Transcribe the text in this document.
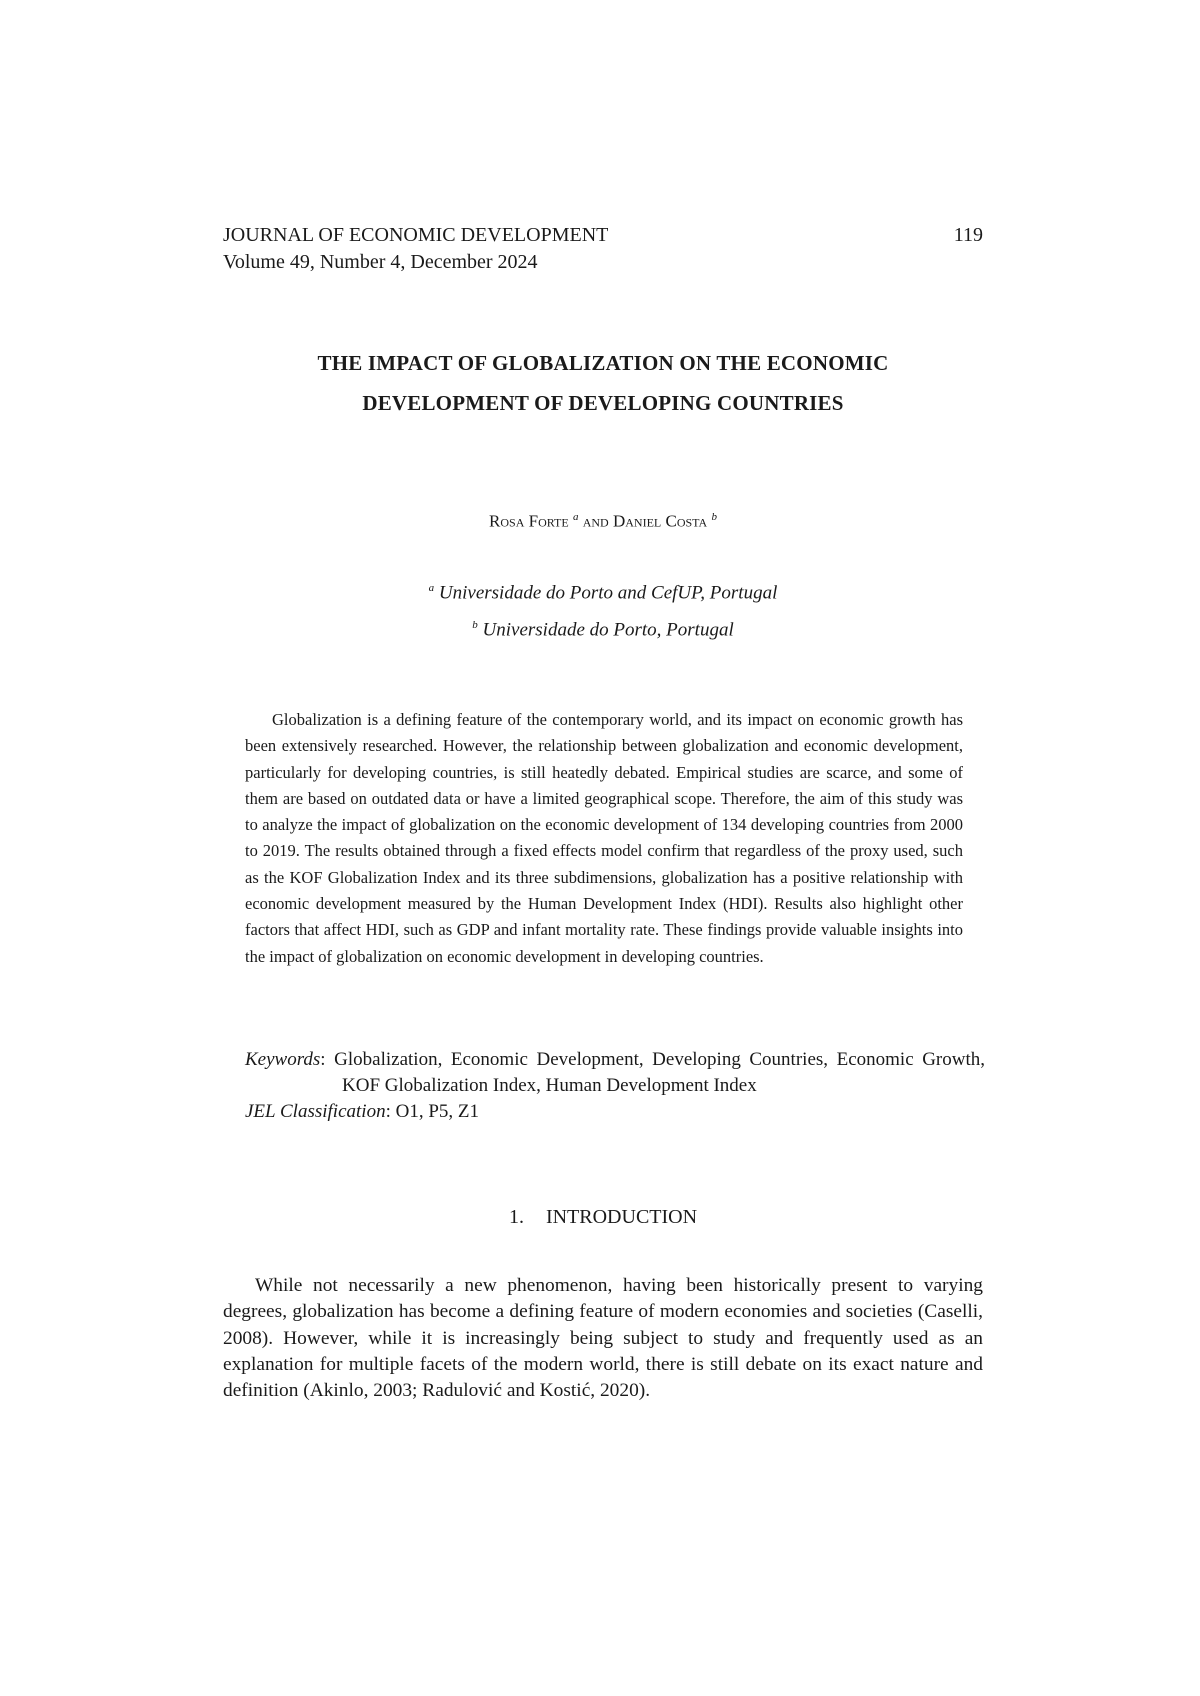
JOURNAL OF ECONOMIC DEVELOPMENT
Volume 49, Number 4, December 2024
119
THE IMPACT OF GLOBALIZATION ON THE ECONOMIC
DEVELOPMENT OF DEVELOPING COUNTRIES
Rosa Forte $^a$ and Daniel Costa $^b$
$^a$ Universidade do Porto and CefUP, Portugal
$^b$ Universidade do Porto, Portugal

Globalization is a defining feature of the contemporary world, and its impact on economic growth has been extensively researched. However, the relationship between globalization and economic development, particularly for developing countries, is still heatedly debated. Empirical studies are scarce, and some of them are based on outdated data or have a limited geographical scope. Therefore, the aim of this study was to analyze the impact of globalization on the economic development of 134 developing countries from 2000 to 2019. The results obtained through a fixed effects model confirm that regardless of the proxy used, such as the KOF Globalization Index and its three subdimensions, globalization has a positive relationship with economic development measured by the Human Development Index (HDI). Results also highlight other factors that affect HDI, such as GDP and infant mortality rate. These findings provide valuable insights into the impact of globalization on economic development in developing countries.

Keywords: Globalization, Economic Development, Developing Countries, Economic Growth, KOF Globalization Index, Human Development Index
JEL Classification: O1, P5, Z1
1. INTRODUCTION

While not necessarily a new phenomenon, having been historically present to varying degrees, globalization has become a defining feature of modern economies and societies (Caselli, 2008). However, while it is increasingly being subject to study and frequently used as an explanation for multiple facets of the modern world, there is still debate on its exact nature and definition (Akinlo, 2003; Radulović and Kostić, 2020).
